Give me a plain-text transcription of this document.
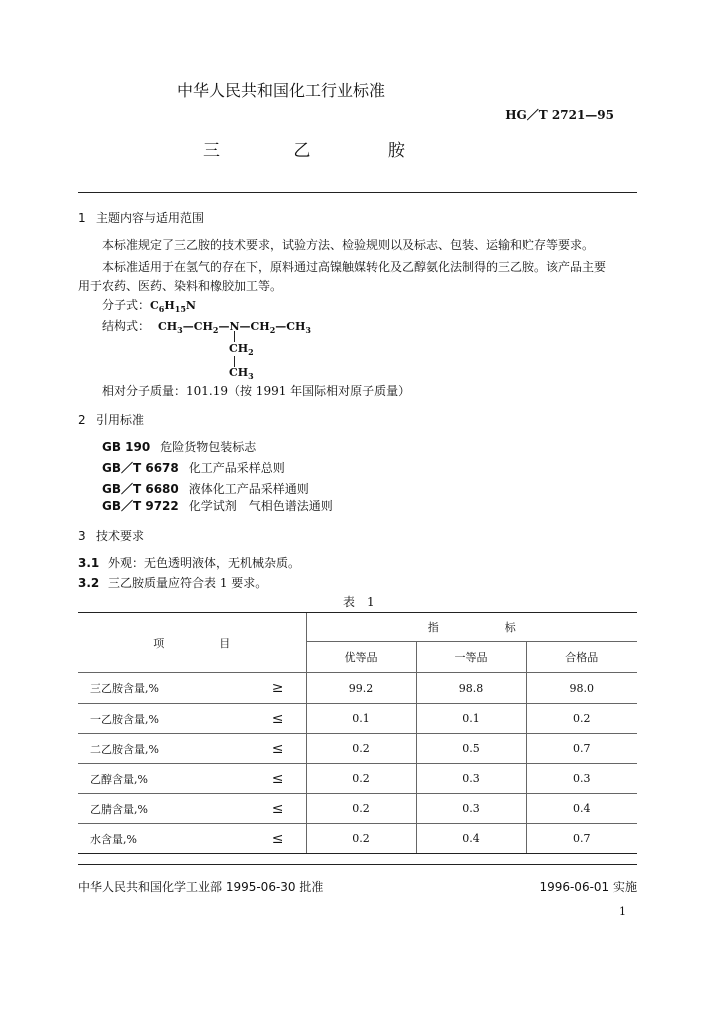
中华人民共和国化工行业标准
HG／T 2721—95
三	乙	胺
1 主题内容与适用范围
本标准规定了三乙胺的技术要求，试验方法、检验规则以及标志、包装、运输和贮存等要求。
本标准适用于在氢气的存在下，原料通过高镍触媒转化及乙醇氨化法制得的三乙胺。该产品主要
用于农药、医药、染料和橡胶加工等。
分子式：$C_6H_{15}N$
结构式： $CH_3—CH_2—N—CH_2—CH_3$
$CH_2$
$CH_3$
相对分子质量：101.19（按 1991 年国际相对原子质量）
2 引用标准
GB 190 危险货物包装标志
GB／T 6678 化工产品采样总则
GB／T 6680 液体化工产品采样通则
GB／T 9722 化学试剂　气相色谱法通则
3 技术要求
3.1 外观：无色透明液体，无机械杂质。
3.2 三乙胺质量应符合表 1 要求。
表　1
项　　　　　目	指　　　　　　标		
	优等品	一等品	合格品

三乙胺含量,% ≥	99.2	98.8	98.0

一乙胺含量,% ≤	0.1	0.1	0.2

二乙胺含量,% ≤	0.2	0.5	0.7

乙醇含量,% ≤	0.2	0.3	0.3

乙腈含量,% ≤	0.2	0.3	0.4

水含量,% ≤	0.2	0.4	0.7
中华人民共和国化学工业部 1995-06-30 批准	1996-06-01 实施
1
